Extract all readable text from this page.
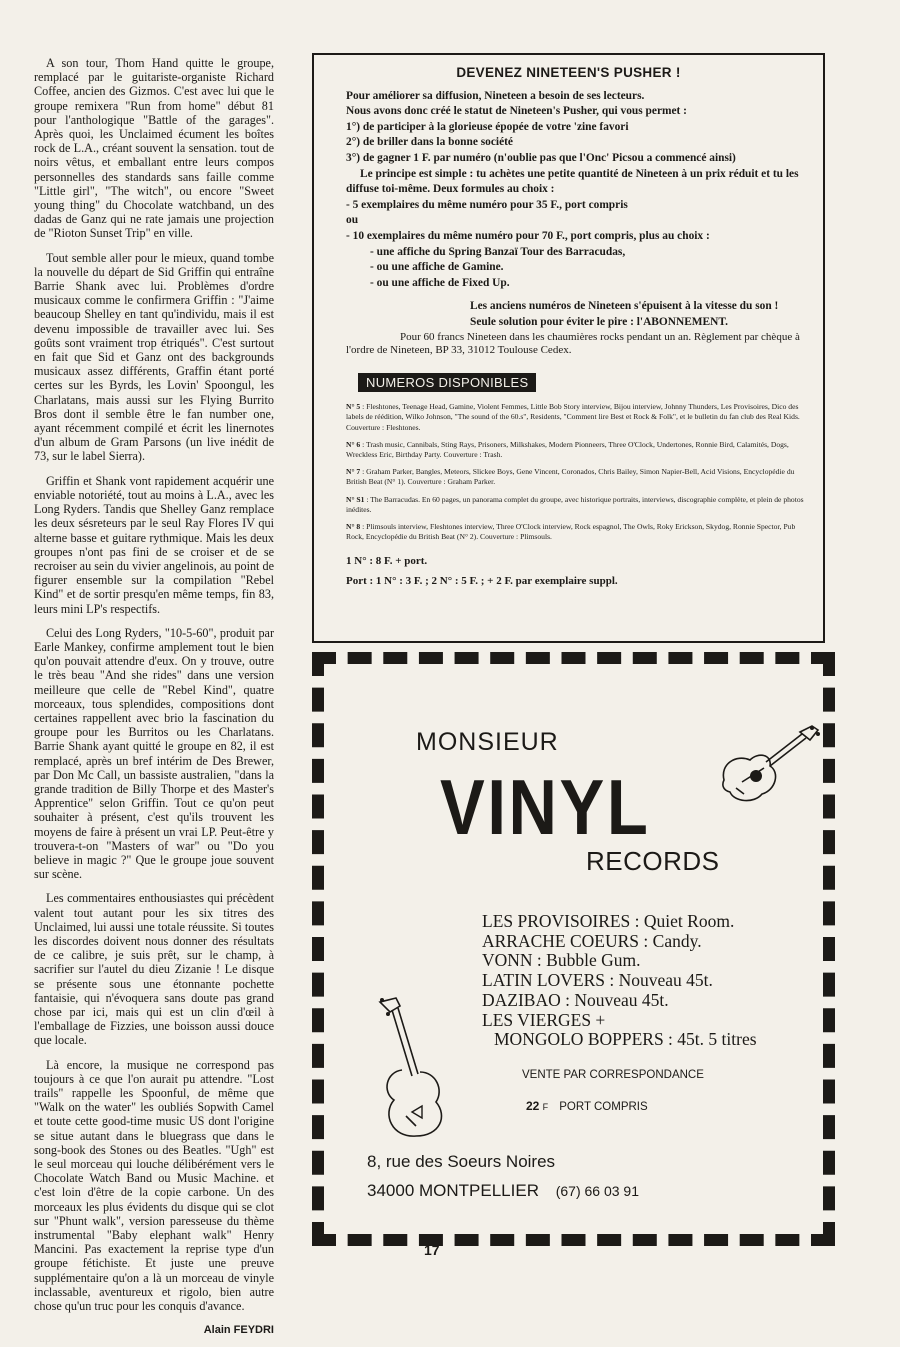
A son tour, Thom Hand quitte le groupe, remplacé par le guitariste-organiste Richard Coffee, ancien des Gizmos. C'est avec lui que le groupe remixera "Run from home" début 81 pour l'anthologique "Battle of the garages". Après quoi, les Unclaimed écument les boîtes rock de L.A., créant souvent la sensation. tout de noirs vêtus, et emballant entre leurs compos personnelles des standards sans faille comme "Little girl", "The witch", ou encore "Sweet young thing" du Chocolate watchband, un des dadas de Ganz qui ne rate jamais une projection de "Rioton Sunset Trip" en ville.

Tout semble aller pour le mieux, quand tombe la nouvelle du départ de Sid Griffin qui entraîne Barrie Shank avec lui. Problèmes d'ordre musicaux comme le confirmera Griffin : "J'aime beaucoup Shelley en tant qu'individu, mais il est devenu impossible de travailler avec lui. Ses goûts sont vraiment trop étriqués". C'est surtout en fait que Sid et Ganz ont des backgrounds musicaux assez différents, Graffin étant porté certes sur les Byrds, les Lovin' Spoongul, les Charlatans, mais aussi sur les Flying Burrito Bros dont il semble être le fan number one, ayant récemment compilé et écrit les linernotes d'un album de Gram Parsons (un live inédit de 73, sur le label Sierra).

Griffin et Shank vont rapidement acquérir une enviable notoriété, tout au moins à L.A., avec les Long Ryders. Tandis que Shelley Ganz remplace les deux sésreteurs par le seul Ray Flores IV qui alterne basse et guitare rythmique. Mais les deux groupes n'ont pas fini de se croiser et de se recroiser au sein du vivier angelinois, au point de figurer ensemble sur la compilation "Rebel Kind" et de sortir presqu'en même temps, fin 83, leurs mini LP's respectifs.

Celui des Long Ryders, "10-5-60", produit par Earle Mankey, confirme amplement tout le bien qu'on pouvait attendre d'eux. On y trouve, outre le très beau "And she rides" dans une version meilleure que celle de "Rebel Kind", quatre morceaux, tous splendides, compositions dont certaines rappellent avec brio la fascination du groupe pour les Burritos ou les Charlatans. Barrie Shank ayant quitté le groupe en 82, il est remplacé, après un bref intérim de Des Brewer, par Don Mc Call, un bassiste australien, "dans la grande tradition de Billy Thorpe et des Master's Apprentice" selon Griffin. Tout ce qu'on peut souhaiter à présent, c'est qu'ils trouvent les moyens de faire à présent un vrai LP. Peut-être y trouvera-t-on "Masters of war" ou "Do you believe in magic ?" Que le groupe joue souvent sur scène.

Les commentaires enthousiastes qui précèdent valent tout autant pour les six titres des Unclaimed, lui aussi une totale réussite. Si toutes les discordes doivent nous donner des résultats de ce calibre, je suis prêt, sur le champ, à sacrifier sur l'autel du dieu Zizanie ! Le disque se présente sous une étonnante pochette fantaisie, qui n'évoquera sans doute pas grand chose par ici, mais qui est un clin d'œil à l'emballage de Fizzies, une boisson aussi douce que locale.

Là encore, la musique ne correspond pas toujours à ce que l'on aurait pu attendre. "Lost trails" rappelle les Spoonful, de même que "Walk on the water" les oubliés Sopwith Camel et toute cette good-time music US dont l'origine se situe autant dans le bluegrass que dans le song-book des Stones ou des Beatles. "Ugh" est le seul morceau qui louche délibérément vers le Chocolate Watch Band ou Music Machine. et c'est loin d'être de la copie carbone. Un des morceaux les plus évidents du disque qui se clot sur "Phunt walk", version paresseuse du thème instrumental "Baby elephant walk" Henry Mancini. Pas exactement la reprise type d'un groupe fétichiste. Et juste une preuve supplémentaire qu'on a là un morceau de vinyle inclassable, aventureux et rigolo, bien autre chose qu'un truc pour les conquis d'avance.

Alain FEYDRI

DEVENEZ NINETEEN'S PUSHER !
Pour améliorer sa diffusion, Nineteen a besoin de ses lecteurs.
Nous avons donc créé le statut de Nineteen's Pusher, qui vous permet :
1°) de participer à la glorieuse épopée de votre 'zine favori
2°) de briller dans la bonne société
3°) de gagner 1 F. par numéro (n'oublie pas que l'Onc' Picsou a commencé ainsi)
Le principe est simple : tu achètes une petite quantité de Nineteen à un prix réduit et tu les diffuse toi-même. Deux formules au choix :
- 5 exemplaires du même numéro pour 35 F., port compris
ou
- 10 exemplaires du même numéro pour 70 F., port compris, plus au choix :
- une affiche du Spring Banzaï Tour des Barracudas,
- ou une affiche de Gamine.
- ou une affiche de Fixed Up.
Les anciens numéros de Nineteen s'épuisent à la vitesse du son !
Seule solution pour éviter le pire : l'ABONNEMENT.
Pour 60 francs Nineteen dans les chaumières rocks pendant un an. Règlement par chèque à l'ordre de Nineteen, BP 33, 31012 Toulouse Cedex.
NUMEROS DISPONIBLES
N° 5 : Fleshtones, Teenage Head, Gamine, Violent Femmes, Little Bob Story interview, Bijou interview, Johnny Thunders, Les Provisoires, Dico des labels de réédition, Wilko Johnson, "The sound of the 60.s", Residents, "Comment lire Best et Rock & Folk", et le bulletin du fan club des Real Kids. Couverture : Fleshtones.
N° 6 : Trash music, Cannibals, Sting Rays, Prisoners, Milkshakes, Modern Pionneers, Three O'Clock, Undertones, Ronnie Bird, Calamités, Dogs, Wreckless Eric, Birthday Party. Couverture : Trash.
N° 7 : Graham Parker, Bangles, Meteors, Slickee Boys, Gene Vincent, Coronados, Chris Bailey, Simon Napier-Bell, Acid Visions, Encyclopédie du British Beat (N° 1). Couverture : Graham Parker.
N° S1 : The Barracudas. En 60 pages, un panorama complet du groupe, avec historique portraits, interviews, discographie complète, et plein de photos inédites.
N° 8 : Plimsouls interview, Fleshtones interview, Three O'Clock interview, Rock espagnol, The Owls, Roky Erickson, Skydog, Ronnie Spector, Pub Rock, Encyclopédie du British Beat (N° 2). Couverture : Plimsouls.
1 N° : 8 F. + port.
Port : 1 N° : 3 F. ; 2 N° : 5 F. ; + 2 F. par exemplaire suppl.
MONSIEUR
VINYL
RECORDS
LES PROVISOIRES : Quiet Room.
ARRACHE COEURS : Candy.
VONN : Bubble Gum.
LATIN LOVERS : Nouveau 45t.
DAZIBAO : Nouveau 45t.
LES VIERGES +
MONGOLO BOPPERS : 45t. 5 titres
VENTE PAR CORRESPONDANCE
22 F PORT COMPRIS
8, rue des Soeurs Noires
34000 MONTPELLIER (67) 66 03 91
17
